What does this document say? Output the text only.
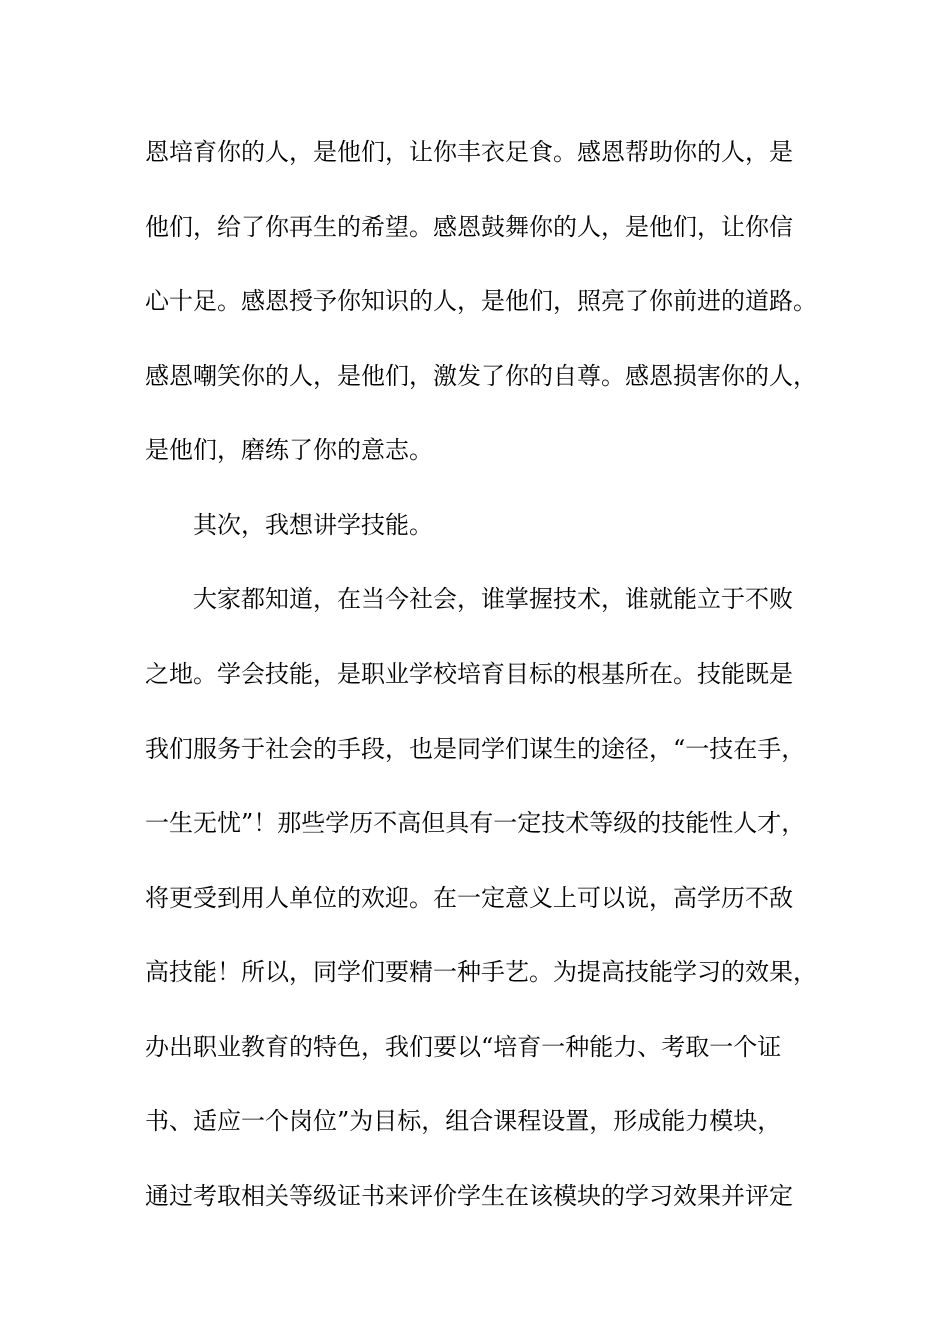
恩培育你的人，是他们，让你丰衣足食。感恩帮助你的人，是
他们，给了你再生的希望。感恩鼓舞你的人，是他们，让你信
心十足。感恩授予你知识的人，是他们，照亮了你前进的道路。
感恩嘲笑你的人，是他们，激发了你的自尊。感恩损害你的人，
是他们，磨练了你的意志。
其次，我想讲学技能。
大家都知道，在当今社会，谁掌握技术，谁就能立于不败
之地。学会技能，是职业学校培育目标的根基所在。技能既是
我们服务于社会的手段，也是同学们谋生的途径，“一技在手，
一生无忧”！那些学历不高但具有一定技术等级的技能性人才，
将更受到用人单位的欢迎。在一定意义上可以说，高学历不敌
高技能！所以，同学们要精一种手艺。为提高技能学习的效果，
办出职业教育的特色，我们要以“培育一种能力、考取一个证
书、适应一个岗位”为目标，组合课程设置，形成能力模块，
通过考取相关等级证书来评价学生在该模块的学习效果并评定
